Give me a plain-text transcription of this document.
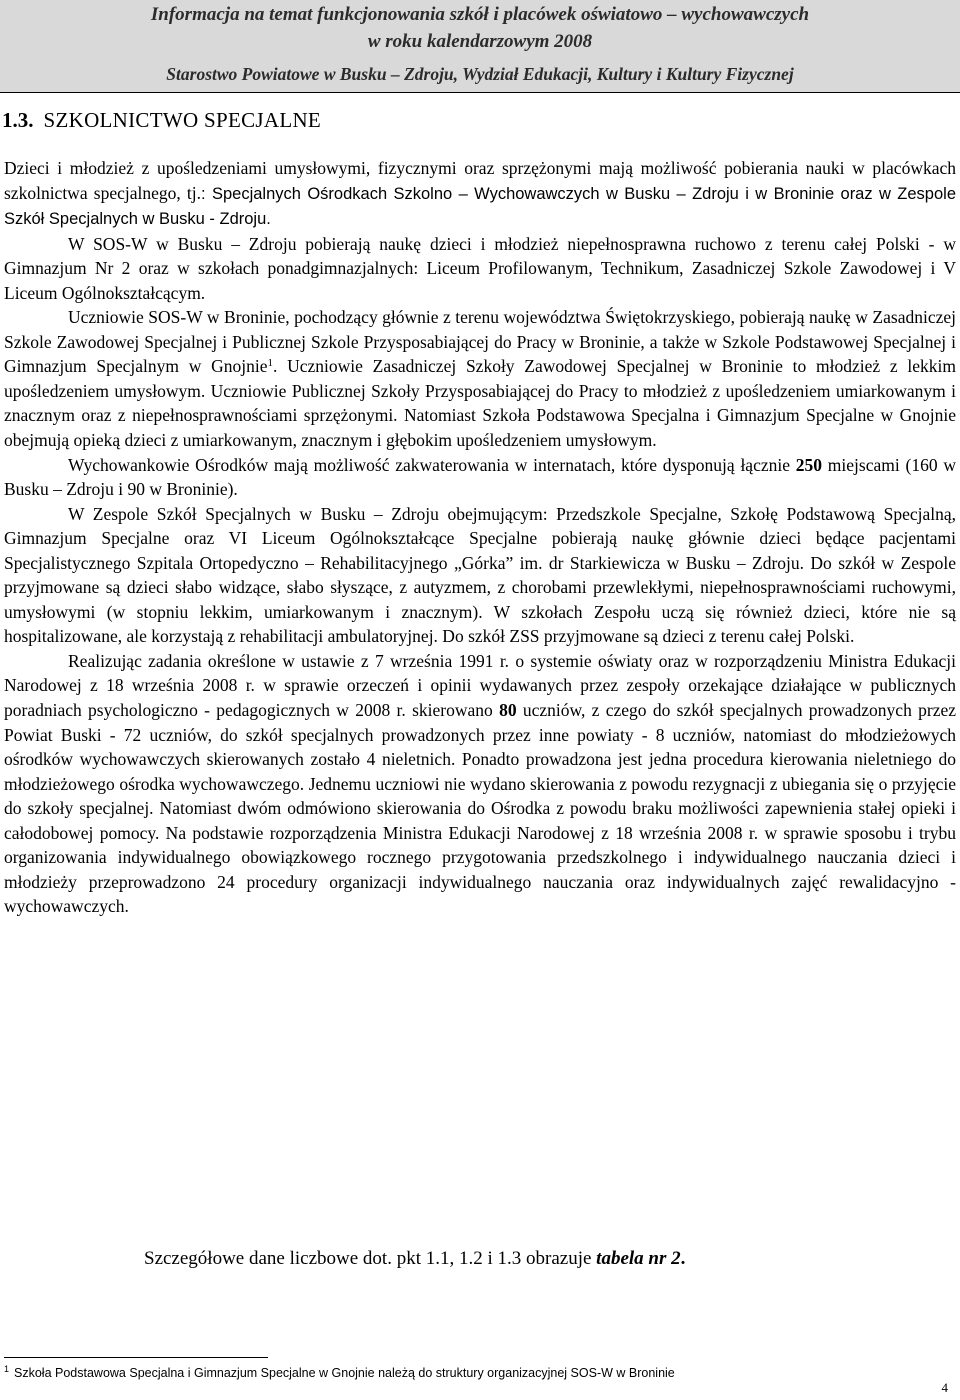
Informacja na temat funkcjonowania szkół i placówek oświatowo – wychowawczych
w roku kalendarzowym 2008
Starostwo Powiatowe w Busku – Zdroju, Wydział Edukacji, Kultury i Kultury Fizycznej
1.3. SZKOLNICTWO SPECJALNE

Dzieci i młodzież z upośledzeniami umysłowymi, fizycznymi oraz sprzężonymi mają możliwość pobierania nauki w placówkach szkolnictwa specjalnego, tj.: Specjalnych Ośrodkach Szkolno – Wychowawczych w Busku – Zdroju i w Broninie oraz w Zespole Szkół Specjalnych w Busku - Zdroju.

W SOS-W w Busku – Zdroju pobierają naukę dzieci i młodzież niepełnosprawna ruchowo z terenu całej Polski - w Gimnazjum Nr 2 oraz w szkołach ponadgimnazjalnych: Liceum Profilowanym, Technikum, Zasadniczej Szkole Zawodowej i V Liceum Ogólnokształcącym.

Uczniowie SOS-W w Broninie, pochodzący głównie z terenu województwa Świętokrzyskiego, pobierają naukę w Zasadniczej Szkole Zawodowej Specjalnej i Publicznej Szkole Przysposabiającej do Pracy w Broninie, a także w Szkole Podstawowej Specjalnej i Gimnazjum Specjalnym w Gnojnie$^1$. Uczniowie Zasadniczej Szkoły Zawodowej Specjalnej w Broninie to młodzież z lekkim upośledzeniem umysłowym. Uczniowie Publicznej Szkoły Przysposabiającej do Pracy to młodzież z upośledzeniem umiarkowanym i znacznym oraz z niepełnosprawnościami sprzężonymi. Natomiast Szkoła Podstawowa Specjalna i Gimnazjum Specjalne w Gnojnie obejmują opieką dzieci z umiarkowanym, znacznym i głębokim upośledzeniem umysłowym.

Wychowankowie Ośrodków mają możliwość zakwaterowania w internatach, które dysponują łącznie 250 miejscami (160 w Busku – Zdroju i 90 w Broninie).

W Zespole Szkół Specjalnych w Busku – Zdroju obejmującym: Przedszkole Specjalne, Szkołę Podstawową Specjalną, Gimnazjum Specjalne oraz VI Liceum Ogólnokształcące Specjalne pobierają naukę głównie dzieci będące pacjentami Specjalistycznego Szpitala Ortopedyczno – Rehabilitacyjnego „Górka” im. dr Starkiewicza w Busku – Zdroju. Do szkół w Zespole przyjmowane są dzieci słabo widzące, słabo słyszące, z autyzmem, z chorobami przewlekłymi, niepełnosprawnościami ruchowymi, umysłowymi (w stopniu lekkim, umiarkowanym i znacznym). W szkołach Zespołu uczą się również dzieci, które nie są hospitalizowane, ale korzystają z rehabilitacji ambulatoryjnej. Do szkół ZSS przyjmowane są dzieci z terenu całej Polski.

Realizując zadania określone w ustawie z 7 września 1991 r. o systemie oświaty oraz w rozporządzeniu Ministra Edukacji Narodowej z 18 września 2008 r. w sprawie orzeczeń i opinii wydawanych przez zespoły orzekające działające w publicznych poradniach psychologiczno - pedagogicznych w 2008 r. skierowano 80 uczniów, z czego do szkół specjalnych prowadzonych przez Powiat Buski - 72 uczniów, do szkół specjalnych prowadzonych przez inne powiaty - 8 uczniów, natomiast do młodzieżowych ośrodków wychowawczych skierowanych zostało 4 nieletnich. Ponadto prowadzona jest jedna procedura kierowania nieletniego do młodzieżowego ośrodka wychowawczego. Jednemu uczniowi nie wydano skierowania z powodu rezygnacji z ubiegania się o przyjęcie do szkoły specjalnej. Natomiast dwóm odmówiono skierowania do Ośrodka z powodu braku możliwości zapewnienia stałej opieki i całodobowej pomocy. Na podstawie rozporządzenia Ministra Edukacji Narodowej z 18 września 2008 r. w sprawie sposobu i trybu organizowania indywidualnego obowiązkowego rocznego przygotowania przedszkolnego i indywidualnego nauczania dzieci i młodzieży przeprowadzono 24 procedury organizacji indywidualnego nauczania oraz indywidualnych zajęć rewalidacyjno - wychowawczych.

Szczegółowe dane liczbowe dot. pkt 1.1, 1.2 i 1.3 obrazuje tabela nr 2.
$^1$ Szkoła Podstawowa Specjalna i Gimnazjum Specjalne w Gnojnie należą do struktury organizacyjnej SOS-W w Broninie
4
